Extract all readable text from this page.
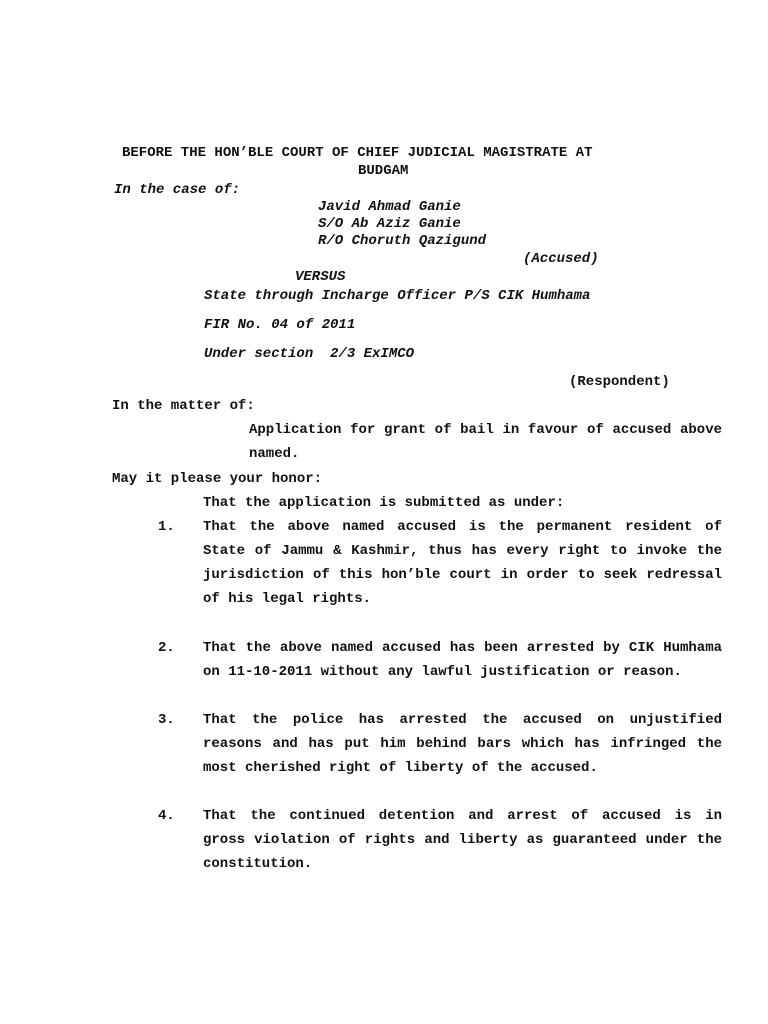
BEFORE THE HON’BLE COURT OF CHIEF JUDICIAL MAGISTRATE AT
BUDGAM
In the case of:
Javid Ahmad Ganie
S/O Ab Aziz Ganie
R/O Choruth Qazigund
(Accused)
VERSUS
State through Incharge Officer P/S CIK Humhama
FIR No. 04 of 2011
Under section  2/3 ExIMCO
(Respondent)
In the matter of:
Application for grant of bail in favour of accused above named.
May it please your honor:
That the application is submitted as under:
1. That the above named accused is the permanent resident of State of Jammu & Kashmir, thus has every right to invoke the jurisdiction of this hon’ble court in order to seek redressal of his legal rights.
2. That the above named accused has been arrested by CIK Humhama on 11-10-2011 without any lawful justification or reason.
3. That the police has arrested the accused on unjustified reasons and has put him behind bars which has infringed the most cherished right of liberty of the accused.
4. That the continued detention and arrest of accused is in gross violation of rights and liberty as guaranteed under the constitution.
